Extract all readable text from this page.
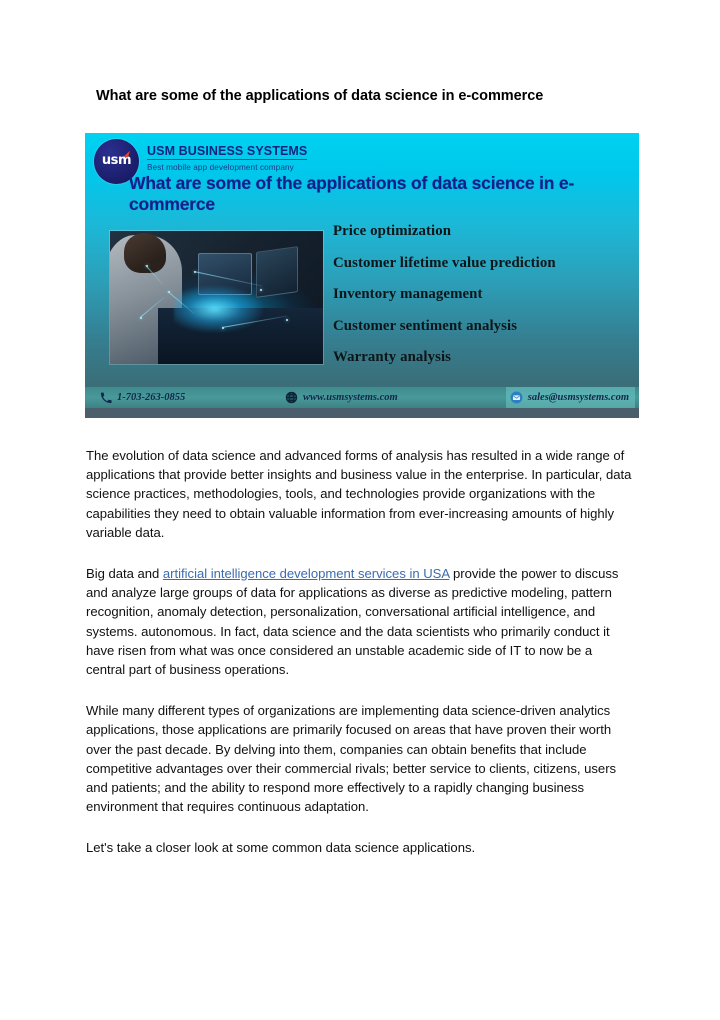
What are some of the applications of data science in e-commerce
usm
USM BUSINESS SYSTEMS
Best mobile app development company
What are some of the applications of data science in e-commerce
Price optimization
Customer lifetime value prediction
Inventory management
Customer sentiment analysis
Warranty analysis
1-703-263-0855	www.usmsystems.com	sales@usmsystems.com

The evolution of data science and advanced forms of analysis has resulted in a wide range of applications that provide better insights and business value in the enterprise. In particular, data science practices, methodologies, tools, and technologies provide organizations with the capabilities they need to obtain valuable information from ever-increasing amounts of highly variable data.

Big data and artificial intelligence development services in USA provide the power to discuss and analyze large groups of data for applications as diverse as predictive modeling, pattern recognition, anomaly detection, personalization, conversational artificial intelligence, and systems. autonomous. In fact, data science and the data scientists who primarily conduct it have risen from what was once considered an unstable academic side of IT to now be a central part of business operations.

While many different types of organizations are implementing data science-driven analytics applications, those applications are primarily focused on areas that have proven their worth over the past decade. By delving into them, companies can obtain benefits that include competitive advantages over their commercial rivals; better service to clients, citizens, users and patients; and the ability to respond more effectively to a rapidly changing business environment that requires continuous adaptation.

Let's take a closer look at some common data science applications.
